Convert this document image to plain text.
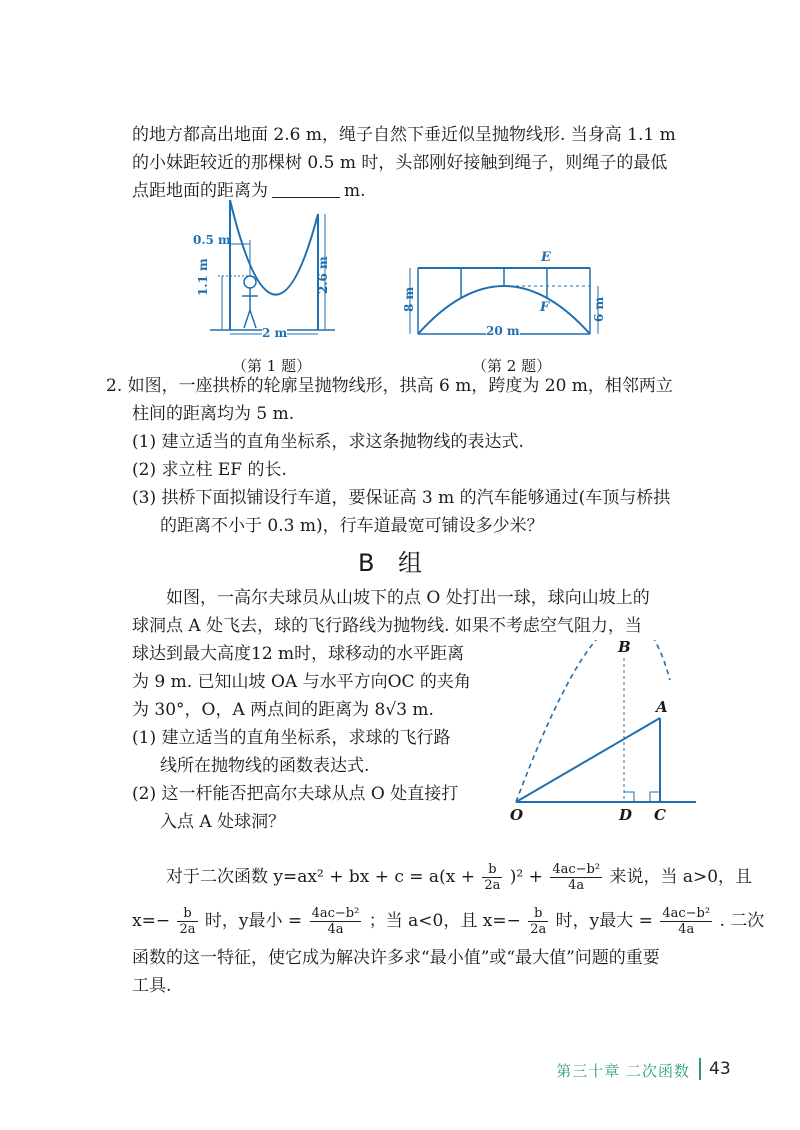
的地方都高出地面 2.6 m，绳子自然下垂近似呈抛物线形. 当身高 1.1 m
的小妹距较近的那棵树 0.5 m 时，头部刚好接触到绳子，则绳子的最低
点距地面的距离为	m.
0.5 m
1.1 m	2.6 m
2 m
（第 1 题）
8 m	6 m
20 m
E
F
（第 2 题）
2. 如图，一座拱桥的轮廓呈抛物线形，拱高 6 m，跨度为 20 m，相邻两立
柱间的距离均为 5 m.
(1) 建立适当的直角坐标系，求这条抛物线的表达式.
(2) 求立柱 EF 的长.
(3) 拱桥下面拟铺设行车道，要保证高 3 m 的汽车能够通过(车顶与桥拱
的距离不小于 0.3 m)，行车道最宽可铺设多少米？
B 组
如图，一高尔夫球员从山坡下的点 O 处打出一球，球向山坡上的
球洞点 A 处飞去，球的飞行路线为抛物线. 如果不考虑空气阻力，当
球达到最大高度12 m时，球移动的水平距离
为 9 m. 已知山坡 OA 与水平方向OC 的夹角
为 30°，O，A 两点间的距离为 8√3 m.
(1) 建立适当的直角坐标系，求球的飞行路
线所在抛物线的函数表达式.
(2) 这一杆能否把高尔夫球从点 O 处直接打
入点 A 处球洞？	O	D C
A
B
对于二次函数 y=ax² + bx + $c = a(x + \frac{b}{2a} )^2 + \frac{\text{4ac−b²}}{4a}$ 来说，当 a>0，且
$x=- \frac{b}{2a}$ 时，y最小 = $\frac{\text{4ac−b²}}{4a}$ ；当 a<0，且 $x=- \frac{b}{2a}$ 时，y最大 = $\frac{\text{4ac−b²}}{4a}$ . 二次
函数的这一特征，使它成为解决许多求“最小值”或“最大值”问题的重要
工具.
第三十章 二次函数 43
